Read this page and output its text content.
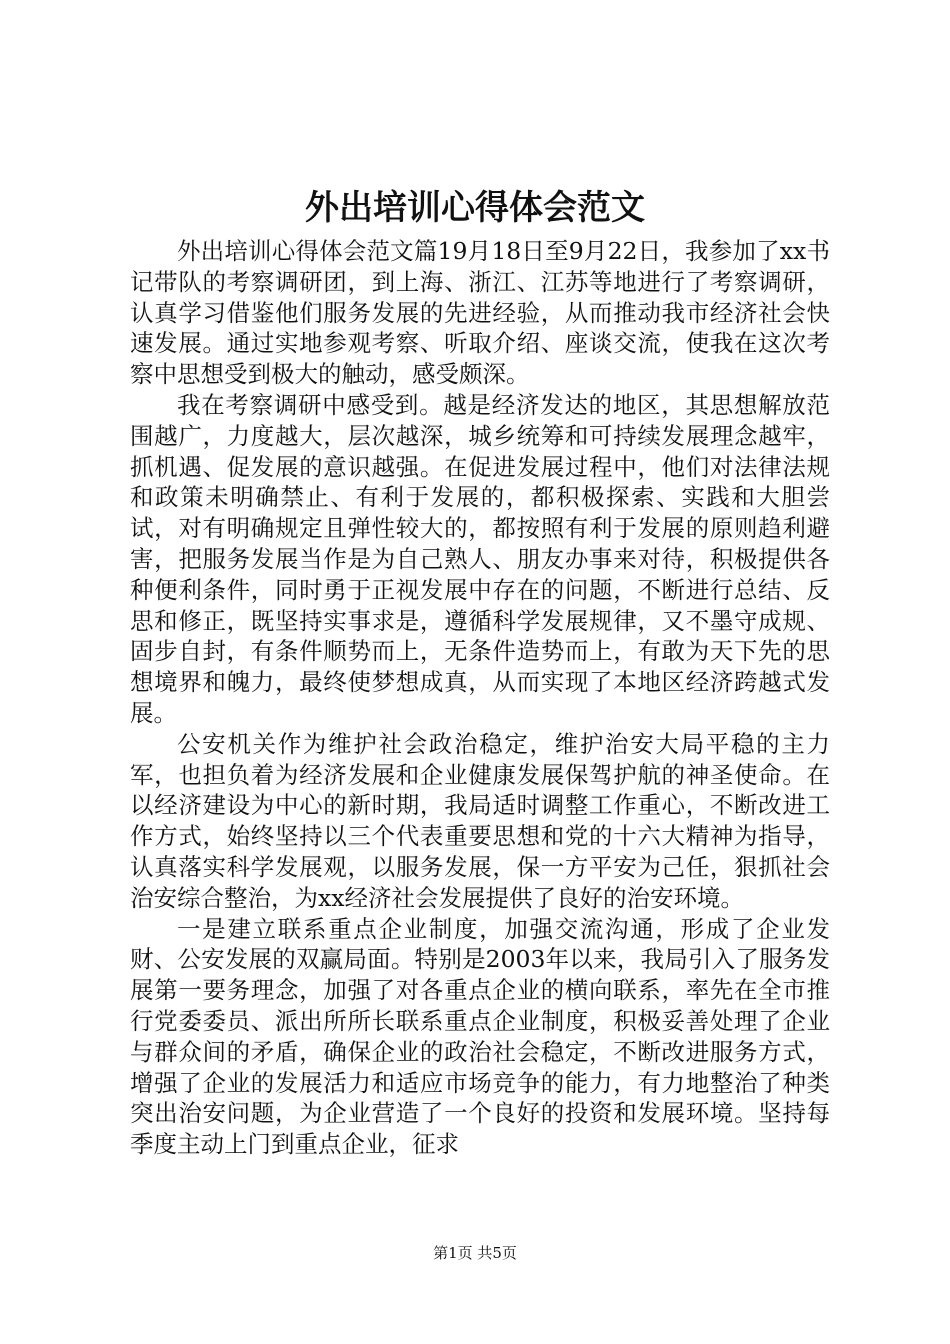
外出培训心得体会范文

外出培训心得体会范文篇19月18日至9月22日，我参加了xx书记带队的考察调研团，到上海、浙江、江苏等地进行了考察调研，认真学习借鉴他们服务发展的先进经验，从而推动我市经济社会快速发展。通过实地参观考察、听取介绍、座谈交流，使我在这次考察中思想受到极大的触动，感受颇深。

我在考察调研中感受到。越是经济发达的地区，其思想解放范围越广，力度越大，层次越深，城乡统筹和可持续发展理念越牢，抓机遇、促发展的意识越强。在促进发展过程中，他们对法律法规和政策未明确禁止、有利于发展的，都积极探索、实践和大胆尝试，对有明确规定且弹性较大的，都按照有利于发展的原则趋利避害，把服务发展当作是为自己熟人、朋友办事来对待，积极提供各种便利条件，同时勇于正视发展中存在的问题，不断进行总结、反思和修正，既坚持实事求是，遵循科学发展规律，又不墨守成规、固步自封，有条件顺势而上，无条件造势而上，有敢为天下先的思想境界和魄力，最终使梦想成真，从而实现了本地区经济跨越式发展。

公安机关作为维护社会政治稳定，维护治安大局平稳的主力军，也担负着为经济发展和企业健康发展保驾护航的神圣使命。在以经济建设为中心的新时期，我局适时调整工作重心，不断改进工作方式，始终坚持以三个代表重要思想和党的十六大精神为指导，认真落实科学发展观，以服务发展，保一方平安为己任，狠抓社会治安综合整治，为xx经济社会发展提供了良好的治安环境。

一是建立联系重点企业制度，加强交流沟通，形成了企业发财、公安发展的双赢局面。特别是2003年以来，我局引入了服务发展第一要务理念，加强了对各重点企业的横向联系，率先在全市推行党委委员、派出所所长联系重点企业制度，积极妥善处理了企业与群众间的矛盾，确保企业的政治社会稳定，不断改进服务方式，增强了企业的发展活力和适应市场竞争的能力，有力地整治了种类突出治安问题，为企业营造了一个良好的投资和发展环境。坚持每季度主动上门到重点企业，征求

第1页 共5页
